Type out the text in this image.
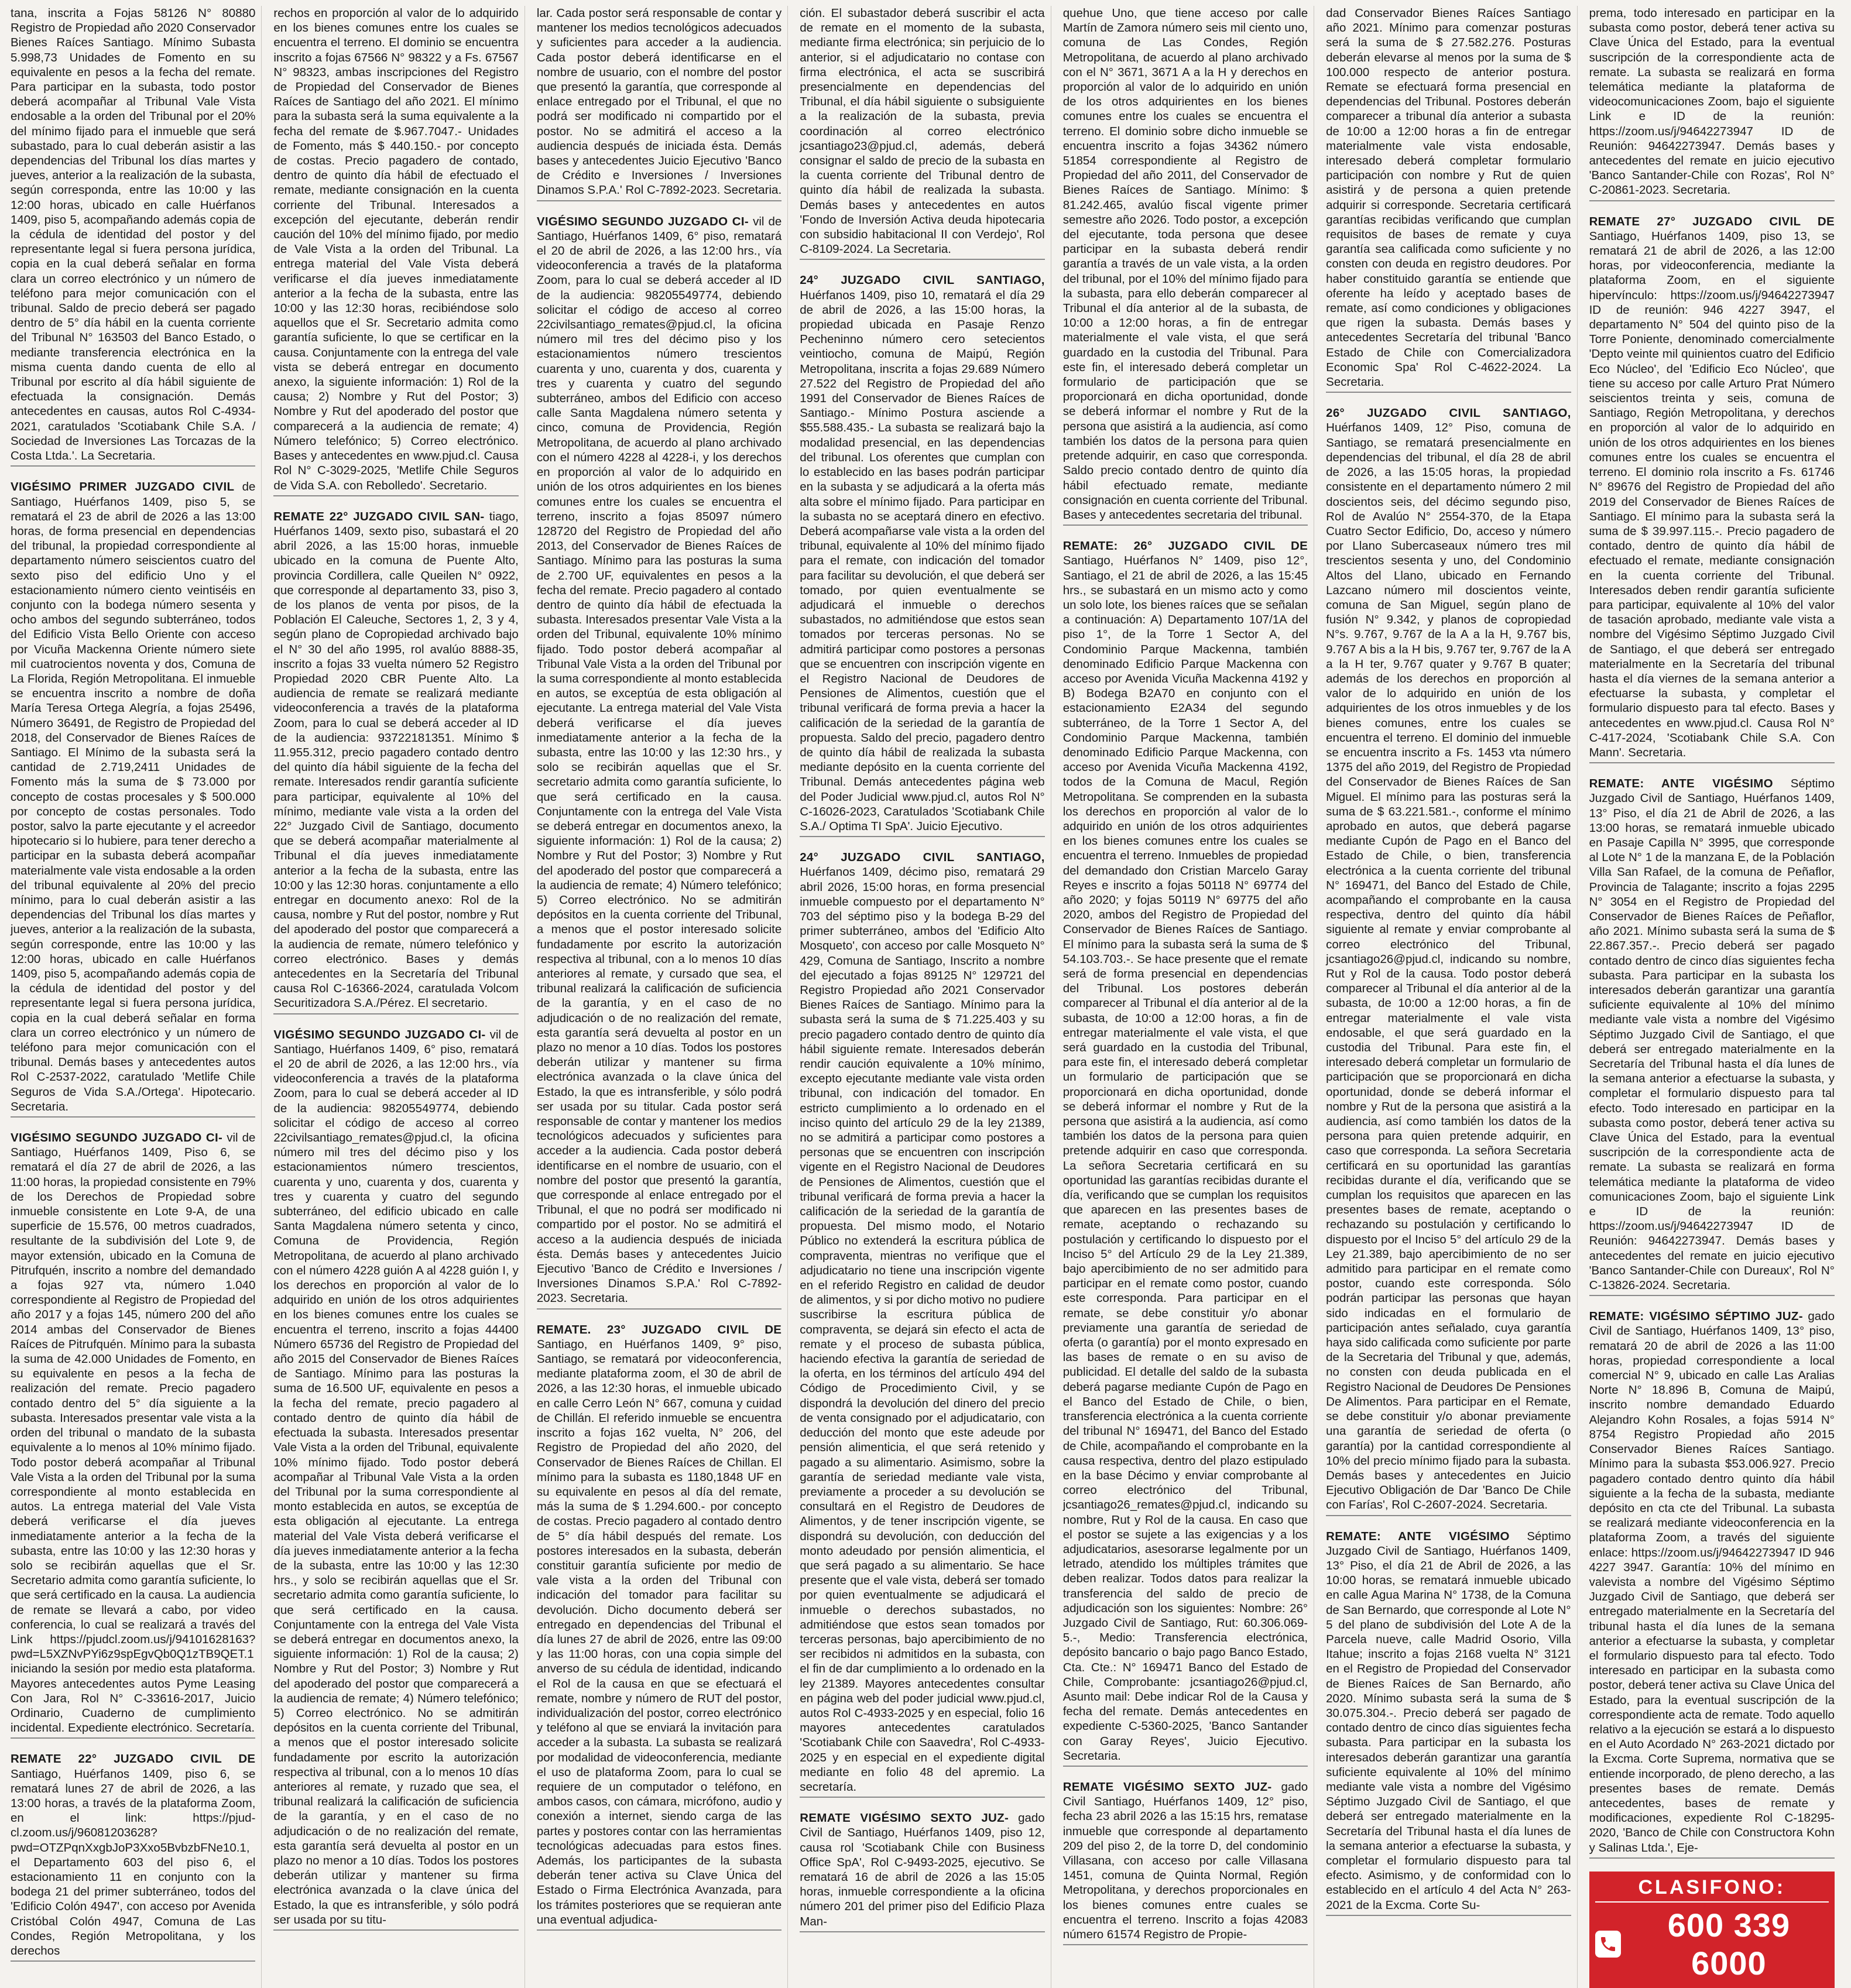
tana, inscrita a Fojas 58126 N° 80880 Registro de Propiedad año 2020 Conservador Bienes Raíces Santiago. Mínimo Subasta 5.998,73 Unidades de Fomento en su equivalente en pesos a la fecha del remate. Para participar en la subasta, todo postor deberá acompañar al Tribunal Vale Vista endosable a la orden del Tribunal por el 20% del mínimo fijado para el inmueble que será subastado, para lo cual deberán asistir a las dependencias del Tribunal los días martes y jueves, anterior a la realización de la subasta, según corresponda, entre las 10:00 y las 12:00 horas, ubicado en calle Huérfanos 1409, piso 5, acompañando además copia de la cédula de identidad del postor y del representante legal si fuera persona jurídica, copia en la cual deberá señalar en forma clara un correo electrónico y un número de teléfono para mejor comunicación con el tribunal. Saldo de precio deberá ser pagado dentro de 5° día hábil en la cuenta corriente del Tribunal N° 163503 del Banco Estado, o mediante transferencia electrónica en la misma cuenta dando cuenta de ello al Tribunal por escrito al día hábil siguiente de efectuada la consignación. Demás antecedentes en causas, autos Rol C-4934-2021, caratulados 'Scotiabank Chile S.A. / Sociedad de Inversiones Las Torcazas de la Costa Ltda.'. La Secretaria.
VIGÉSIMO PRIMER JUZGADO CIVIL de Santiago, Huérfanos 1409, piso 5, se rematará el 23 de abril de 2026 a las 13:00 horas, de forma presencial en dependencias del tribunal, la propiedad correspondiente al departamento número seiscientos cuatro del sexto piso del edificio Uno y el estacionamiento número ciento veintiséis en conjunto con la bodega número sesenta y ocho ambos del segundo subterráneo, todos del Edificio Vista Bello Oriente con acceso por Vicuña Mackenna Oriente número siete mil cuatrocientos noventa y dos, Comuna de La Florida, Región Metropolitana. El inmueble se encuentra inscrito a nombre de doña María Teresa Ortega Alegría, a fojas 25496, Número 36491, de Registro de Propiedad del 2018, del Conservador de Bienes Raíces de Santiago. El Mínimo de la subasta será la cantidad de 2.719,2411 Unidades de Fomento más la suma de $ 73.000 por concepto de costas procesales y $ 500.000 por concepto de costas personales. Todo postor, salvo la parte ejecutante y el acreedor hipotecario si lo hubiere, para tener derecho a participar en la subasta deberá acompañar materialmente vale vista endosable a la orden del tribunal equivalente al 20% del precio mínimo, para lo cual deberán asistir a las dependencias del Tribunal los días martes y jueves, anterior a la realización de la subasta, según corresponde, entre las 10:00 y las 12:00 horas, ubicado en calle Huérfanos 1409, piso 5, acompañando además copia de la cédula de identidad del postor y del representante legal si fuera persona jurídica, copia en la cual deberá señalar en forma clara un correo electrónico y un número de teléfono para mejor comunicación con el tribunal. Demás bases y antecedentes autos Rol C-2537-2022, caratulado 'Metlife Chile Seguros de Vida S.A./Ortega'. Hipotecario. Secretaria.
VIGÉSIMO SEGUNDO JUZGADO CI- vil de Santiago, Huérfanos 1409, Piso 6, se rematará el día 27 de abril de 2026, a las 11:00 horas, la propiedad consistente en 79% de los Derechos de Propiedad sobre inmueble consistente en Lote 9-A, de una superficie de 15.576, 00 metros cuadrados, resultante de la subdivisión del Lote 9, de mayor extensión, ubicado en la Comuna de Pitrufquén, inscrito a nombre del demandado a fojas 927 vta, número 1.040 correspondiente al Registro de Propiedad del año 2017 y a fojas 145, número 200 del año 2014 ambas del Conservador de Bienes Raíces de Pitrufquén. Mínimo para la subasta la suma de 42.000 Unidades de Fomento, en su equivalente en pesos a la fecha de realización del remate. Precio pagadero contado dentro del 5° día siguiente a la subasta. Interesados presentar vale vista a la orden del tribunal o mandato de la subasta equivalente a lo menos al 10% mínimo fijado. Todo postor deberá acompañar al Tribunal Vale Vista a la orden del Tribunal por la suma correspondiente al monto establecida en autos. La entrega material del Vale Vista deberá verificarse el día jueves inmediatamente anterior a la fecha de la subasta, entre las 10:00 y las 12:30 horas y solo se recibirán aquellas que el Sr. Secretario admita como garantía suficiente, lo que será certificado en la causa. La audiencia de remate se llevará a cabo, por video conferencia, lo cual se realizará a través del Link https://pjudcl.zoom.us/j/94101628163?pwd=L5XZNvPYi6z9spEgvQb0Q1zTB9QET.1 iniciando la sesión por medio esta plataforma. Mayores antecedentes autos Pyme Leasing Con Jara, Rol N° C-33616-2017, Juicio Ordinario, Cuaderno de cumplimiento incidental. Expediente electrónico. Secretaría.
REMATE 22° JUZGADO CIVIL DE Santiago, Huérfanos 1409, piso 6, se rematará lunes 27 de abril de 2026, a las 13:00 horas, a través de la plataforma Zoom, en el link: https://pjud-cl.zoom.us/j/96081203628?pwd=OTZPqnXxgbJoP3Xxo5BvbzbFNe10.1, el Departamento 603 del piso 6, el estacionamiento 11 en conjunto con la bodega 21 del primer subterráneo, todos del 'Edificio Colón 4947', con acceso por Avenida Cristóbal Colón 4947, Comuna de Las Condes, Región Metropolitana, y los derechos
rechos en proporción al valor de lo adquirido en los bienes comunes entre los cuales se encuentra el terreno. El dominio se encuentra inscrito a fojas 67566 N° 98322 y a Fs. 67567 N° 98323, ambas inscripciones del Registro de Propiedad del Conservador de Bienes Raíces de Santiago del año 2021. El mínimo para la subasta será la suma equivalente a la fecha del remate de $.967.7047.- Unidades de Fomento, más $ 440.150.- por concepto de costas. Precio pagadero de contado, dentro de quinto día hábil de efectuado el remate, mediante consignación en la cuenta corriente del Tribunal. Interesados a excepción del ejecutante, deberán rendir caución del 10% del mínimo fijado, por medio de Vale Vista a la orden del Tribunal. La entrega material del Vale Vista deberá verificarse el día jueves inmediatamente anterior a la fecha de la subasta, entre las 10:00 y las 12:30 horas, recibiéndose solo aquellos que el Sr. Secretario admita como garantía suficiente, lo que se certificar en la causa. Conjuntamente con la entrega del vale vista se deberá entregar en documento anexo, la siguiente información: 1) Rol de la causa; 2) Nombre y Rut del Postor; 3) Nombre y Rut del apoderado del postor que comparecerá a la audiencia de remate; 4) Número telefónico; 5) Correo electrónico. Bases y antecedentes en www.pjud.cl. Causa Rol N° C-3029-2025, 'Metlife Chile Seguros de Vida S.A. con Rebolledo'. Secretario.
REMATE 22° JUZGADO CIVIL SAN- tiago, Huérfanos 1409, sexto piso, subastará el 20 abril 2026, a las 15:00 horas, inmueble ubicado en la comuna de Puente Alto, provincia Cordillera, calle Queilen N° 0922, que corresponde al departamento 33, piso 3, de los planos de venta por pisos, de la Población El Caleuche, Sectores 1, 2, 3 y 4, según plano de Copropiedad archivado bajo el N° 30 del año 1995, rol avalúo 8888-35, inscrito a fojas 33 vuelta número 52 Registro Propiedad 2020 CBR Puente Alto. La audiencia de remate se realizará mediante videoconferencia a través de la plataforma Zoom, para lo cual se deberá acceder al ID de la audiencia: 93722181351. Mínimo $ 11.955.312, precio pagadero contado dentro del quinto día hábil siguiente de la fecha del remate. Interesados rendir garantía suficiente para participar, equivalente al 10% del mínimo, mediante vale vista a la orden del 22° Juzgado Civil de Santiago, documento que se deberá acompañar materialmente al Tribunal el día jueves inmediatamente anterior a la fecha de la subasta, entre las 10:00 y las 12:30 horas. conjuntamente a ello entregar en documento anexo: Rol de la causa, nombre y Rut del postor, nombre y Rut del apoderado del postor que comparecerá a la audiencia de remate, número telefónico y correo electrónico. Bases y demás antecedentes en la Secretaría del Tribunal causa Rol C-16366-2024, caratulada Volcom Securitizadora S.A./Pérez. El secretario.
VIGÉSIMO SEGUNDO JUZGADO CI- vil de Santiago, Huérfanos 1409, 6° piso, rematará el 20 de abril de 2026, a las 12:00 hrs., vía videoconferencia a través de la plataforma Zoom, para lo cual se deberá acceder al ID de la audiencia: 98205549774, debiendo solicitar el código de acceso al correo 22civilsantiago_remates@pjud.cl, la oficina número mil tres del décimo piso y los estacionamientos número trescientos, cuarenta y uno, cuarenta y dos, cuarenta y tres y cuarenta y cuatro del segundo subterráneo, del edificio ubicado en calle Santa Magdalena número setenta y cinco, Comuna de Providencia, Región Metropolitana, de acuerdo al plano archivado con el número 4228 guión A al 4228 guión I, y los derechos en proporción al valor de lo adquirido en unión de los otros adquirientes en los bienes comunes entre los cuales se encuentra el terreno, inscrito a fojas 44400 Número 65736 del Registro de Propiedad del año 2015 del Conservador de Bienes Raíces de Santiago. Mínimo para las posturas la suma de 16.500 UF, equivalente en pesos a la fecha del remate, precio pagadero al contado dentro de quinto día hábil de efectuada la subasta. Interesados presentar Vale Vista a la orden del Tribunal, equivalente 10% mínimo fijado. Todo postor deberá acompañar al Tribunal Vale Vista a la orden del Tribunal por la suma correspondiente al monto establecida en autos, se exceptúa de esta obligación al ejecutante. La entrega material del Vale Vista deberá verificarse el día jueves inmediatamente anterior a la fecha de la subasta, entre las 10:00 y las 12:30 hrs., y solo se recibirán aquellas que el Sr. secretario admita como garantía suficiente, lo que será certificado en la causa. Conjuntamente con la entrega del Vale Vista se deberá entregar en documentos anexo, la siguiente información: 1) Rol de la causa; 2) Nombre y Rut del Postor; 3) Nombre y Rut del apoderado del postor que comparecerá a la audiencia de remate; 4) Número telefónico; 5) Correo electrónico. No se admitirán depósitos en la cuenta corriente del Tribunal, a menos que el postor interesado solicite fundadamente por escrito la autorización respectiva al tribunal, con a lo menos 10 días anteriores al remate, y ruzado que sea, el tribunal realizará la calificación de suficiencia de la garantía, y en el caso de no adjudicación o de no realización del remate, esta garantía será devuelta al postor en un plazo no menor a 10 días. Todos los postores deberán utilizar y mantener su firma electrónica avanzada o la clave única del Estado, la que es intransferible, y sólo podrá ser usada por su titu-
lar. Cada postor será responsable de contar y mantener los medios tecnológicos adecuados y suficientes para acceder a la audiencia. Cada postor deberá identificarse en el nombre de usuario, con el nombre del postor que presentó la garantía, que corresponde al enlace entregado por el Tribunal, el que no podrá ser modificado ni compartido por el postor. No se admitirá el acceso a la audiencia después de iniciada ésta. Demás bases y antecedentes Juicio Ejecutivo 'Banco de Crédito e Inversiones / Inversiones Dinamos S.P.A.' Rol C-7892-2023. Secretaria.
VIGÉSIMO SEGUNDO JUZGADO CI- vil de Santiago, Huérfanos 1409, 6° piso, rematará el 20 de abril de 2026, a las 12:00 hrs., vía videoconferencia a través de la plataforma Zoom, para lo cual se deberá acceder al ID de la audiencia: 98205549774, debiendo solicitar el código de acceso al correo 22civilsantiago_remates@pjud.cl, la oficina número mil tres del décimo piso y los estacionamientos número trescientos cuarenta y uno, cuarenta y dos, cuarenta y tres y cuarenta y cuatro del segundo subterráneo, ambos del Edificio con acceso calle Santa Magdalena número setenta y cinco, comuna de Providencia, Región Metropolitana, de acuerdo al plano archivado con el número 4228 al 4228-i, y los derechos en proporción al valor de lo adquirido en unión de los otros adquirientes en los bienes comunes entre los cuales se encuentra el terreno, inscrito a fojas 85097 número 128720 del Registro de Propiedad del año 2013, del Conservador de Bienes Raíces de Santiago. Mínimo para las posturas la suma de 2.700 UF, equivalentes en pesos a la fecha del remate. Precio pagadero al contado dentro de quinto día hábil de efectuada la subasta. Interesados presentar Vale Vista a la orden del Tribunal, equivalente 10% mínimo fijado. Todo postor deberá acompañar al Tribunal Vale Vista a la orden del Tribunal por la suma correspondiente al monto establecida en autos, se exceptúa de esta obligación al ejecutante. La entrega material del Vale Vista deberá verificarse el día jueves inmediatamente anterior a la fecha de la subasta, entre las 10:00 y las 12:30 hrs., y solo se recibirán aquellas que el Sr. secretario admita como garantía suficiente, lo que será certificado en la causa. Conjuntamente con la entrega del Vale Vista se deberá entregar en documentos anexo, la siguiente información: 1) Rol de la causa; 2) Nombre y Rut del Postor; 3) Nombre y Rut del apoderado del postor que comparecerá a la audiencia de remate; 4) Número telefónico; 5) Correo electrónico. No se admitirán depósitos en la cuenta corriente del Tribunal, a menos que el postor interesado solicite fundadamente por escrito la autorización respectiva al tribunal, con a lo menos 10 días anteriores al remate, y cursado que sea, el tribunal realizará la calificación de suficiencia de la garantía, y en el caso de no adjudicación o de no realización del remate, esta garantía será devuelta al postor en un plazo no menor a 10 días. Todos los postores deberán utilizar y mantener su firma electrónica avanzada o la clave única del Estado, la que es intransferible, y sólo podrá ser usada por su titular. Cada postor será responsable de contar y mantener los medios tecnológicos adecuados y suficientes para acceder a la audiencia. Cada postor deberá identificarse en el nombre de usuario, con el nombre del postor que presentó la garantía, que corresponde al enlace entregado por el Tribunal, el que no podrá ser modificado ni compartido por el postor. No se admitirá el acceso a la audiencia después de iniciada ésta. Demás bases y antecedentes Juicio Ejecutivo 'Banco de Crédito e Inversiones / Inversiones Dinamos S.P.A.' Rol C-7892-2023. Secretaria.
REMATE. 23° JUZGADO CIVIL DE Santiago, en Huérfanos 1409, 9° piso, Santiago, se rematará por videoconferencia, mediante plataforma zoom, el 30 de abril de 2026, a las 12:30 horas, el inmueble ubicado en calle Cerro León N° 667, comuna y cuidad de Chillán. El referido inmueble se encuentra inscrito a fojas 162 vuelta, N° 206, del Registro de Propiedad del año 2020, del Conservador de Bienes Raíces de Chillan. El mínimo para la subasta es 1180,1848 UF en su equivalente en pesos al día del remate, más la suma de $ 1.294.600.- por concepto de costas. Precio pagadero al contado dentro de 5° día hábil después del remate. Los postores interesados en la subasta, deberán constituir garantía suficiente por medio de vale vista a la orden del Tribunal con indicación del tomador para facilitar su devolución. Dicho documento deberá ser entregado en dependencias del Tribunal el día lunes 27 de abril de 2026, entre las 09:00 y las 11:00 horas, con una copia simple del anverso de su cédula de identidad, indicando el Rol de la causa en que se efectuará el remate, nombre y número de RUT del postor, individualización del postor, correo electrónico y teléfono al que se enviará la invitación para acceder a la subasta. La subasta se realizará por modalidad de videoconferencia, mediante el uso de plataforma Zoom, para lo cual se requiere de un computador o teléfono, en ambos casos, con cámara, micrófono, audio y conexión a internet, siendo carga de las partes y postores contar con las herramientas tecnológicas adecuadas para estos fines. Además, los participantes de la subasta deberán tener activa su Clave Única del Estado o Firma Electrónica Avanzada, para los trámites posteriores que se requieran ante una eventual adjudica-
ción. El subastador deberá suscribir el acta de remate en el momento de la subasta, mediante firma electrónica; sin perjuicio de lo anterior, si el adjudicatario no contase con firma electrónica, el acta se suscribirá presencialmente en dependencias del Tribunal, el día hábil siguiente o subsiguiente a la realización de la subasta, previa coordinación al correo electrónico jcsantiago23@pjud.cl, además, deberá consignar el saldo de precio de la subasta en la cuenta corriente del Tribunal dentro de quinto día hábil de realizada la subasta. Demás bases y antecedentes en autos 'Fondo de Inversión Activa deuda hipotecaria con subsidio habitacional II con Verdejo', Rol C-8109-2024. La Secretaria.
24° JUZGADO CIVIL SANTIAGO, Huérfanos 1409, piso 10, rematará el día 29 de abril de 2026, a las 15:00 horas, la propiedad ubicada en Pasaje Renzo Pecheninno número cero setecientos veintiocho, comuna de Maipú, Región Metropolitana, inscrita a fojas 29.689 Número 27.522 del Registro de Propiedad del año 1991 del Conservador de Bienes Raíces de Santiago.- Mínimo Postura asciende a $55.588.435.- La subasta se realizará bajo la modalidad presencial, en las dependencias del tribunal. Los oferentes que cumplan con lo establecido en las bases podrán participar en la subasta y se adjudicará a la oferta más alta sobre el mínimo fijado. Para participar en la subasta no se aceptará dinero en efectivo. Deberá acompañarse vale vista a la orden del tribunal, equivalente al 10% del mínimo fijado para el remate, con indicación del tomador para facilitar su devolución, el que deberá ser tomado, por quien eventualmente se adjudicará el inmueble o derechos subastados, no admitiéndose que estos sean tomados por terceras personas. No se admitirá participar como postores a personas que se encuentren con inscripción vigente en el Registro Nacional de Deudores de Pensiones de Alimentos, cuestión que el tribunal verificará de forma previa a hacer la calificación de la seriedad de la garantía de propuesta. Saldo del precio, pagadero dentro de quinto día hábil de realizada la subasta mediante depósito en la cuenta corriente del Tribunal. Demás antecedentes página web del Poder Judicial www.pjud.cl, autos Rol N° C-16026-2023, Caratulados 'Scotiabank Chile S.A./ Optima TI SpA'. Juicio Ejecutivo.
24° JUZGADO CIVIL SANTIAGO, Huérfanos 1409, décimo piso, rematará 29 abril 2026, 15:00 horas, en forma presencial inmueble compuesto por el departamento N° 703 del séptimo piso y la bodega B-29 del primer subterráneo, ambos del 'Edificio Alto Mosqueto', con acceso por calle Mosqueto N° 429, Comuna de Santiago, Inscrito a nombre del ejecutado a fojas 89125 N° 129721 del Registro Propiedad año 2021 Conservador Bienes Raíces de Santiago. Mínimo para la subasta será la suma de $ 71.225.403 y su precio pagadero contado dentro de quinto día hábil siguiente remate. Interesados deberán rendir caución equivalente a 10% mínimo, excepto ejecutante mediante vale vista orden tribunal, con indicación del tomador. En estricto cumplimiento a lo ordenado en el inciso quinto del artículo 29 de la ley 21389, no se admitirá a participar como postores a personas que se encuentren con inscripción vigente en el Registro Nacional de Deudores de Pensiones de Alimentos, cuestión que el tribunal verificará de forma previa a hacer la calificación de la seriedad de la garantía de propuesta. Del mismo modo, el Notario Público no extenderá la escritura pública de compraventa, mientras no verifique que el adjudicatario no tiene una inscripción vigente en el referido Registro en calidad de deudor de alimentos, y si por dicho motivo no pudiere suscribirse la escritura pública de compraventa, se dejará sin efecto el acta de remate y el proceso de subasta pública, haciendo efectiva la garantía de seriedad de la oferta, en los términos del artículo 494 del Código de Procedimiento Civil, y se dispondrá la devolución del dinero del precio de venta consignado por el adjudicatario, con deducción del monto que este adeude por pensión alimenticia, el que será retenido y pagado a su alimentario. Asimismo, sobre la garantía de seriedad mediante vale vista, previamente a proceder a su devolución se consultará en el Registro de Deudores de Alimentos, y de tener inscripción vigente, se dispondrá su devolución, con deducción del monto adeudado por pensión alimenticia, el que será pagado a su alimentario. Se hace presente que el vale vista, deberá ser tomado por quien eventualmente se adjudicará el inmueble o derechos subastados, no admitiéndose que estos sean tomados por terceras personas, bajo apercibimiento de no ser recibidos ni admitidos en la subasta, con el fin de dar cumplimiento a lo ordenado en la ley 21389. Mayores antecedentes consultar en página web del poder judicial www.pjud.cl, autos Rol C-4933-2025 y en especial, folio 16 mayores antecedentes caratulados 'Scotiabank Chile con Saavedra', Rol C-4933-2025 y en especial en el expediente digital mediante en folio 48 del apremio. La secretaría.
REMATE VIGÉSIMO SEXTO JUZ- gado Civil de Santiago, Huérfanos 1409, piso 12, causa rol 'Scotiabank Chile con Business Office SpA', Rol C-9493-2025, ejecutivo. Se rematará 16 de abril de 2026 a las 15:05 horas, inmueble correspondiente a la oficina número 201 del primer piso del Edificio Plaza Man-
quehue Uno, que tiene acceso por calle Martín de Zamora número seis mil ciento uno, comuna de Las Condes, Región Metropolitana, de acuerdo al plano archivado con el N° 3671, 3671 A a la H y derechos en proporción al valor de lo adquirido en unión de los otros adquirientes en los bienes comunes entre los cuales se encuentra el terreno. El dominio sobre dicho inmueble se encuentra inscrito a fojas 34362 número 51854 correspondiente al Registro de Propiedad del año 2011, del Conservador de Bienes Raíces de Santiago. Mínimo: $ 81.242.465, avalúo fiscal vigente primer semestre año 2026. Todo postor, a excepción del ejecutante, toda persona que desee participar en la subasta deberá rendir garantía a través de un vale vista, a la orden del tribunal, por el 10% del mínimo fijado para la subasta, para ello deberán comparecer al Tribunal el día anterior al de la subasta, de 10:00 a 12:00 horas, a fin de entregar materialmente el vale vista, el que será guardado en la custodia del Tribunal. Para este fin, el interesado deberá completar un formulario de participación que se proporcionará en dicha oportunidad, donde se deberá informar el nombre y Rut de la persona que asistirá a la audiencia, así como también los datos de la persona para quien pretende adquirir, en caso que corresponda. Saldo precio contado dentro de quinto día hábil efectuado remate, mediante consignación en cuenta corriente del Tribunal. Bases y antecedentes secretaria del tribunal.
REMATE: 26° JUZGADO CIVIL DE Santiago, Huérfanos N° 1409, piso 12°, Santiago, el 21 de abril de 2026, a las 15:45 hrs., se subastará en un mismo acto y como un solo lote, los bienes raíces que se señalan a continuación: A) Departamento 107/1A del piso 1°, de la Torre 1 Sector A, del Condominio Parque Mackenna, también denominado Edificio Parque Mackenna con acceso por Avenida Vicuña Mackenna 4192 y B) Bodega B2A70 en conjunto con el estacionamiento E2A34 del segundo subterráneo, de la Torre 1 Sector A, del Condominio Parque Mackenna, también denominado Edificio Parque Mackenna, con acceso por Avenida Vicuña Mackenna 4192, todos de la Comuna de Macul, Región Metropolitana. Se comprenden en la subasta los derechos en proporción al valor de lo adquirido en unión de los otros adquirientes en los bienes comunes entre los cuales se encuentra el terreno. Inmuebles de propiedad del demandado don Cristian Marcelo Garay Reyes e inscrito a fojas 50118 N° 69774 del año 2020; y fojas 50119 N° 69775 del año 2020, ambos del Registro de Propiedad del Conservador de Bienes Raíces de Santiago. El mínimo para la subasta será la suma de $ 54.103.703.-. Se hace presente que el remate será de forma presencial en dependencias del Tribunal. Los postores deberán comparecer al Tribunal el día anterior al de la subasta, de 10:00 a 12:00 horas, a fin de entregar materialmente el vale vista, el que será guardado en la custodia del Tribunal, para este fin, el interesado deberá completar un formulario de participación que se proporcionará en dicha oportunidad, donde se deberá informar el nombre y Rut de la persona que asistirá a la audiencia, así como también los datos de la persona para quien pretende adquirir en caso que corresponda. La señora Secretaria certificará en su oportunidad las garantías recibidas durante el día, verificando que se cumplan los requisitos que aparecen en las presentes bases de remate, aceptando o rechazando su postulación y certificando lo dispuesto por el Inciso 5° del Artículo 29 de la Ley 21.389, bajo apercibimiento de no ser admitido para participar en el remate como postor, cuando este corresponda. Para participar en el remate, se debe constituir y/o abonar previamente una garantía de seriedad de oferta (o garantía) por el monto expresado en las bases de remate o en su aviso de publicidad. El detalle del saldo de la subasta deberá pagarse mediante Cupón de Pago en el Banco del Estado de Chile, o bien, transferencia electrónica a la cuenta corriente del tribunal N° 169471, del Banco del Estado de Chile, acompañando el comprobante en la causa respectiva, dentro del plazo estipulado en la base Décimo y enviar comprobante al correo electrónico del Tribunal, jcsantiago26_remates@pjud.cl, indicando su nombre, Rut y Rol de la causa. En caso que el postor se sujete a las exigencias y a los adjudicatarios, asesorarse legalmente por un letrado, atendido los múltiples trámites que deben realizar. Todos datos para realizar la transferencia del saldo de precio de adjudicación son los siguientes: Nombre: 26° Juzgado Civil de Santiago, Rut: 60.306.069-5.-, Medio: Transferencia electrónica, depósito bancario o bajo pago Banco Estado, Cta. Cte.: N° 169471 Banco del Estado de Chile, Comprobante: jcsantiago26@pjud.cl, Asunto mail: Debe indicar Rol de la Causa y fecha del remate. Demás antecedentes en expediente C-5360-2025, 'Banco Santander con Garay Reyes', Juicio Ejecutivo. Secretaria.
REMATE VIGÉSIMO SEXTO JUZ- gado Civil Santiago, Huérfanos 1409, 12° piso, fecha 23 abril 2026 a las 15:15 hrs, rematase inmueble que corresponde al departamento 209 del piso 2, de la torre D, del condominio Villasana, con acceso por calle Villasana 1451, comuna de Quinta Normal, Región Metropolitana, y derechos proporcionales en los bienes comunes entre cuales se encuentra el terreno. Inscrito a fojas 42083 número 61574 Registro de Propie-
dad Conservador Bienes Raíces Santiago año 2021. Mínimo para comenzar posturas será la suma de $ 27.582.276. Posturas deberán elevarse al menos por la suma de $ 100.000 respecto de anterior postura. Remate se efectuará forma presencial en dependencias del Tribunal. Postores deberán comparecer a tribunal día anterior a subasta de 10:00 a 12:00 horas a fin de entregar materialmente vale vista endosable, interesado deberá completar formulario participación con nombre y Rut de quien asistirá y de persona a quien pretende adquirir si corresponde. Secretaria certificará garantías recibidas verificando que cumplan requisitos de bases de remate y cuya garantía sea calificada como suficiente y no consten con deuda en registro deudores. Por haber constituido garantía se entiende que oferente ha leído y aceptado bases de remate, así como condiciones y obligaciones que rigen la subasta. Demás bases y antecedentes Secretaría del tribunal 'Banco Estado de Chile con Comercializadora Economic Spa' Rol C-4622-2024. La Secretaria.
26° JUZGADO CIVIL SANTIAGO, Huérfanos 1409, 12° Piso, comuna de Santiago, se rematará presencialmente en dependencias del tribunal, el día 28 de abril de 2026, a las 15:05 horas, la propiedad consistente en el departamento número 2 mil doscientos seis, del décimo segundo piso, Rol de Avalúo N° 2554-370, de la Etapa Cuatro Sector Edificio, Do, acceso y número por Llano Subercaseaux número tres mil trescientos sesenta y uno, del Condominio Altos del Llano, ubicado en Fernando Lazcano número mil doscientos veinte, comuna de San Miguel, según plano de fusión N° 9.342, y planos de copropiedad N°s. 9.767, 9.767 de la A a la H, 9.767 bis, 9.767 A bis a la H bis, 9.767 ter, 9.767 de la A a la H ter, 9.767 quater y 9.767 B quater; además de los derechos en proporción al valor de lo adquirido en unión de los adquirientes de los otros inmuebles y de los bienes comunes, entre los cuales se encuentra el terreno. El dominio del inmueble se encuentra inscrito a Fs. 1453 vta número 1375 del año 2019, del Registro de Propiedad del Conservador de Bienes Raíces de San Miguel. El mínimo para las posturas será la suma de $ 63.221.581.-, conforme el mínimo aprobado en autos, que deberá pagarse mediante Cupón de Pago en el Banco del Estado de Chile, o bien, transferencia electrónica a la cuenta corriente del tribunal N° 169471, del Banco del Estado de Chile, acompañando el comprobante en la causa respectiva, dentro del quinto día hábil siguiente al remate y enviar comprobante al correo electrónico del Tribunal, jcsantiago26@pjud.cl, indicando su nombre, Rut y Rol de la causa. Todo postor deberá comparecer al Tribunal el día anterior al de la subasta, de 10:00 a 12:00 horas, a fin de entregar materialmente el vale vista endosable, el que será guardado en la custodia del Tribunal. Para este fin, el interesado deberá completar un formulario de participación que se proporcionará en dicha oportunidad, donde se deberá informar el nombre y Rut de la persona que asistirá a la audiencia, así como también los datos de la persona para quien pretende adquirir, en caso que corresponda. La señora Secretaria certificará en su oportunidad las garantías recibidas durante el día, verificando que se cumplan los requisitos que aparecen en las presentes bases de remate, aceptando o rechazando su postulación y certificando lo dispuesto por el Inciso 5° del artículo 29 de la Ley 21.389, bajo apercibimiento de no ser admitido para participar en el remate como postor, cuando este corresponda. Sólo podrán participar las personas que hayan sido indicadas en el formulario de participación antes señalado, cuya garantía haya sido calificada como suficiente por parte de la Secretaria del Tribunal y que, además, no consten con deuda publicada en el Registro Nacional de Deudores De Pensiones De Alimentos. Para participar en el Remate, se debe constituir y/o abonar previamente una garantía de seriedad de oferta (o garantía) por la cantidad correspondiente al 10% del precio mínimo fijado para la subasta. Demás bases y antecedentes en Juicio Ejecutivo Obligación de Dar 'Banco De Chile con Farías', Rol C-2607-2024. Secretaria.
REMATE: ANTE VIGÉSIMO Séptimo Juzgado Civil de Santiago, Huérfanos 1409, 13° Piso, el día 21 de Abril de 2026, a las 10:00 horas, se rematará inmueble ubicado en calle Agua Marina N° 1738, de la Comuna de San Bernardo, que corresponde al Lote N° 5 del plano de subdivisión del Lote A de la Parcela nueve, calle Madrid Osorio, Villa Itahue; inscrito a fojas 2168 vuelta N° 3121 en el Registro de Propiedad del Conservador de Bienes Raíces de San Bernardo, año 2020. Mínimo subasta será la suma de $ 30.075.304.-. Precio deberá ser pagado de contado dentro de cinco días siguientes fecha subasta. Para participar en la subasta los interesados deberán garantizar una garantía suficiente equivalente al 10% del mínimo mediante vale vista a nombre del Vigésimo Séptimo Juzgado Civil de Santiago, el que deberá ser entregado materialmente en la Secretaría del Tribunal hasta el día lunes de la semana anterior a efectuarse la subasta, y completar el formulario dispuesto para tal efecto. Asimismo, y de conformidad con lo establecido en el artículo 4 del Acta N° 263-2021 de la Excma. Corte Su-
prema, todo interesado en participar en la subasta como postor, deberá tener activa su Clave Única del Estado, para la eventual suscripción de la correspondiente acta de remate. La subasta se realizará en forma telemática mediante la plataforma de videocomunicaciones Zoom, bajo el siguiente Link e ID de la reunión: https://zoom.us/j/94642273947 ID de Reunión: 94642273947. Demás bases y antecedentes del remate en juicio ejecutivo 'Banco Santander-Chile con Rozas', Rol N° C-20861-2023. Secretaria.
REMATE 27° JUZGADO CIVIL DE Santiago, Huérfanos 1409, piso 13, se rematará 21 de abril de 2026, a las 12:00 horas, por videoconferencia, mediante la plataforma Zoom, en el siguiente hipervínculo: https://zoom.us/j/94642273947 ID de reunión: 946 4227 3947, el departamento N° 504 del quinto piso de la Torre Poniente, denominado comercialmente 'Depto veinte mil quinientos cuatro del Edificio Eco Núcleo', del 'Edificio Eco Núcleo', que tiene su acceso por calle Arturo Prat Número seiscientos treinta y seis, comuna de Santiago, Región Metropolitana, y derechos en proporción al valor de lo adquirido en unión de los otros adquirientes en los bienes comunes entre los cuales se encuentra el terreno. El dominio rola inscrito a Fs. 61746 N° 89676 del Registro de Propiedad del año 2019 del Conservador de Bienes Raíces de Santiago. El mínimo para la subasta será la suma de $ 39.997.115.-. Precio pagadero de contado, dentro de quinto día hábil de efectuado el remate, mediante consignación en la cuenta corriente del Tribunal. Interesados deben rendir garantía suficiente para participar, equivalente al 10% del valor de tasación aprobado, mediante vale vista a nombre del Vigésimo Séptimo Juzgado Civil de Santiago, el que deberá ser entregado materialmente en la Secretaría del tribunal hasta el día viernes de la semana anterior a efectuarse la subasta, y completar el formulario dispuesto para tal efecto. Bases y antecedentes en www.pjud.cl. Causa Rol N° C-417-2024, 'Scotiabank Chile S.A. Con Mann'. Secretaria.
REMATE: ANTE VIGÉSIMO Séptimo Juzgado Civil de Santiago, Huérfanos 1409, 13° Piso, el día 21 de Abril de 2026, a las 13:00 horas, se rematará inmueble ubicado en Pasaje Capilla N° 3995, que corresponde al Lote N° 1 de la manzana E, de la Población Villa San Rafael, de la comuna de Peñaflor, Provincia de Talagante; inscrito a fojas 2295 N° 3054 en el Registro de Propiedad del Conservador de Bienes Raíces de Peñaflor, año 2021. Mínimo subasta será la suma de $ 22.867.357.-. Precio deberá ser pagado contado dentro de cinco días siguientes fecha subasta. Para participar en la subasta los interesados deberán garantizar una garantía suficiente equivalente al 10% del mínimo mediante vale vista a nombre del Vigésimo Séptimo Juzgado Civil de Santiago, el que deberá ser entregado materialmente en la Secretaría del Tribunal hasta el día lunes de la semana anterior a efectuarse la subasta, y completar el formulario dispuesto para tal efecto. Todo interesado en participar en la subasta como postor, deberá tener activa su Clave Única del Estado, para la eventual suscripción de la correspondiente acta de remate. La subasta se realizará en forma telemática mediante la plataforma de video comunicaciones Zoom, bajo el siguiente Link e ID de la reunión: https://zoom.us/j/94642273947 ID de Reunión: 94642273947. Demás bases y antecedentes del remate en juicio ejecutivo 'Banco Santander-Chile con Dureaux', Rol N° C-13826-2024. Secretaria.
REMATE: VIGÉSIMO SÉPTIMO JUZ- gado Civil de Santiago, Huérfanos 1409, 13° piso, rematará 20 de abril de 2026 a las 11:00 horas, propiedad correspondiente a local comercial N° 9, ubicado en calle Las Aralias Norte N° 18.896 B, Comuna de Maipú, inscrito nombre demandado Eduardo Alejandro Kohn Rosales, a fojas 5914 N° 8754 Registro Propiedad año 2015 Conservador Bienes Raíces Santiago. Mínimo para la subasta $53.006.927. Precio pagadero contado dentro quinto día hábil siguiente a la fecha de la subasta, mediante depósito en cta cte del Tribunal. La subasta se realizará mediante videoconferencia en la plataforma Zoom, a través del siguiente enlace: https://zoom.us/j/94642273947 ID 946 4227 3947. Garantía: 10% del mínimo en valevista a nombre del Vigésimo Séptimo Juzgado Civil de Santiago, que deberá ser entregado materialmente en la Secretaría del tribunal hasta el día lunes de la semana anterior a efectuarse la subasta, y completar el formulario dispuesto para tal efecto. Todo interesado en participar en la subasta como postor, deberá tener activa su Clave Única del Estado, para la eventual suscripción de la correspondiente acta de remate. Todo aquello relativo a la ejecución se estará a lo dispuesto en el Auto Acordado N° 263-2021 dictado por la Excma. Corte Suprema, normativa que se entiende incorporado, de pleno derecho, a las presentes bases de remate. Demás antecedentes, bases de remate y modificaciones, expediente Rol C-18295-2020, 'Banco de Chile con Constructora Kohn y Salinas Ltda.', Eje-
CLASIFONO:
600 339 6000
